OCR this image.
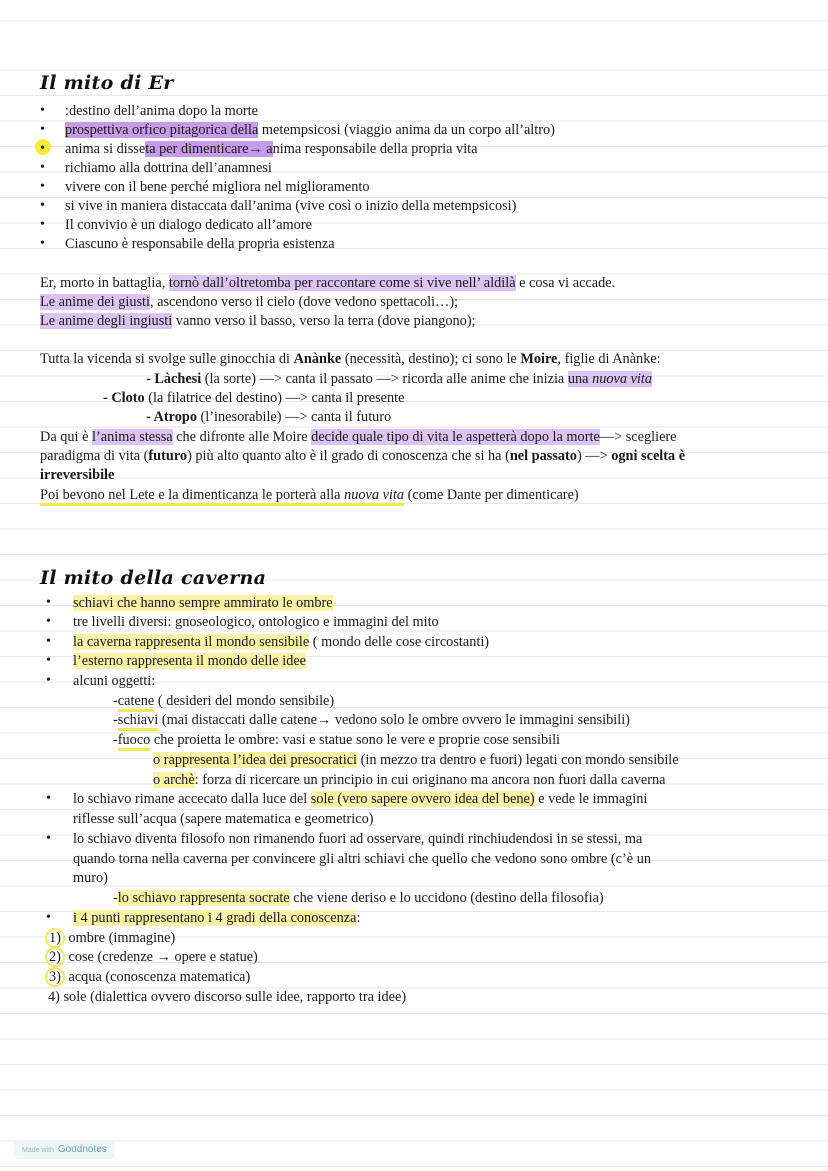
Il mito di Er
• :destino dell’anima dopo la morte
• prospettiva orfico pitagorica della metempsicosi (viaggio anima da un corpo all’altro)
• anima si disseta per dimenticare→ anima responsabile della propria vita
• richiamo alla dottrina dell’anamnesi
• vivere con il bene perché migliora nel miglioramento
• si vive in maniera distaccata dall’anima (vive così o inizio della metempsicosi)
• Il convivio è un dialogo dedicato all’amore
• Ciascuno è responsabile della propria esistenza
Er, morto in battaglia, tornò dall’oltretomba per raccontare come si vive nell’ aldilà e cosa vi accade.
Le anime dei giusti, ascendono verso il cielo (dove vedono spettacoli…);
Le anime degli ingiusti vanno verso il basso, verso la terra (dove piangono);
Tutta la vicenda si svolge sulle ginocchia di Anànke (necessità, destino); ci sono le Moire, figlie di Anànke:
- Làchesi (la sorte) —> canta il passato —> ricorda alle anime che inizia una nuova vita
- Cloto (la filatrice del destino) —> canta il presente
- Atropo (l’inesorabile) —> canta il futuro
Da qui è l’anima stessa che difronte alle Moire decide quale tipo di vita le aspetterà dopo la morte—> scegliere
paradigma di vita (futuro) più alto quanto alto è il grado di conoscenza che si ha (nel passato) —> ogni scelta è
irreversibile
Poi bevono nel Lete e la dimenticanza le porterà alla nuova vita (come Dante per dimenticare)
Il mito della caverna
• schiavi che hanno sempre ammirato le ombre
• tre livelli diversi: gnoseologico, ontologico e immagini del mito
• la caverna rappresenta il mondo sensibile ( mondo delle cose circostanti)
• l’esterno rappresenta il mondo delle idee
• alcuni oggetti:
-catene ( desideri del mondo sensibile)
-schiavi (mai distaccati dalle catene→ vedono solo le ombre ovvero le immagini sensibili)
-fuoco che proietta le ombre: vasi e statue sono le vere e proprie cose sensibili
o rappresenta l’idea dei presocratici (in mezzo tra dentro e fuori) legati con mondo sensibile
o archè: forza di ricercare un principio in cui originano ma ancora non fuori dalla caverna
• lo schiavo rimane accecato dalla luce del sole (vero sapere ovvero idea del bene) e vede le immagini
riflesse sull’acqua (sapere matematica e geometrico)
• lo schiavo diventa filosofo non rimanendo fuori ad osservare, quindi rinchiudendosi in se stessi, ma
quando torna nella caverna per convincere gli altri schiavi che quello che vedono sono ombre (c’è un
muro)
-lo schiavo rappresenta socrate che viene deriso e lo uccidono (destino della filosofia)
• i 4 punti rappresentano i 4 gradi della conoscenza:
1) ombre (immagine)
2) cose (credenze → opere e statue)
3) acqua (conoscenza matematica)
4) sole (dialettica ovvero discorso sulle idee, rapporto tra idee)
Made with Goodnotes
